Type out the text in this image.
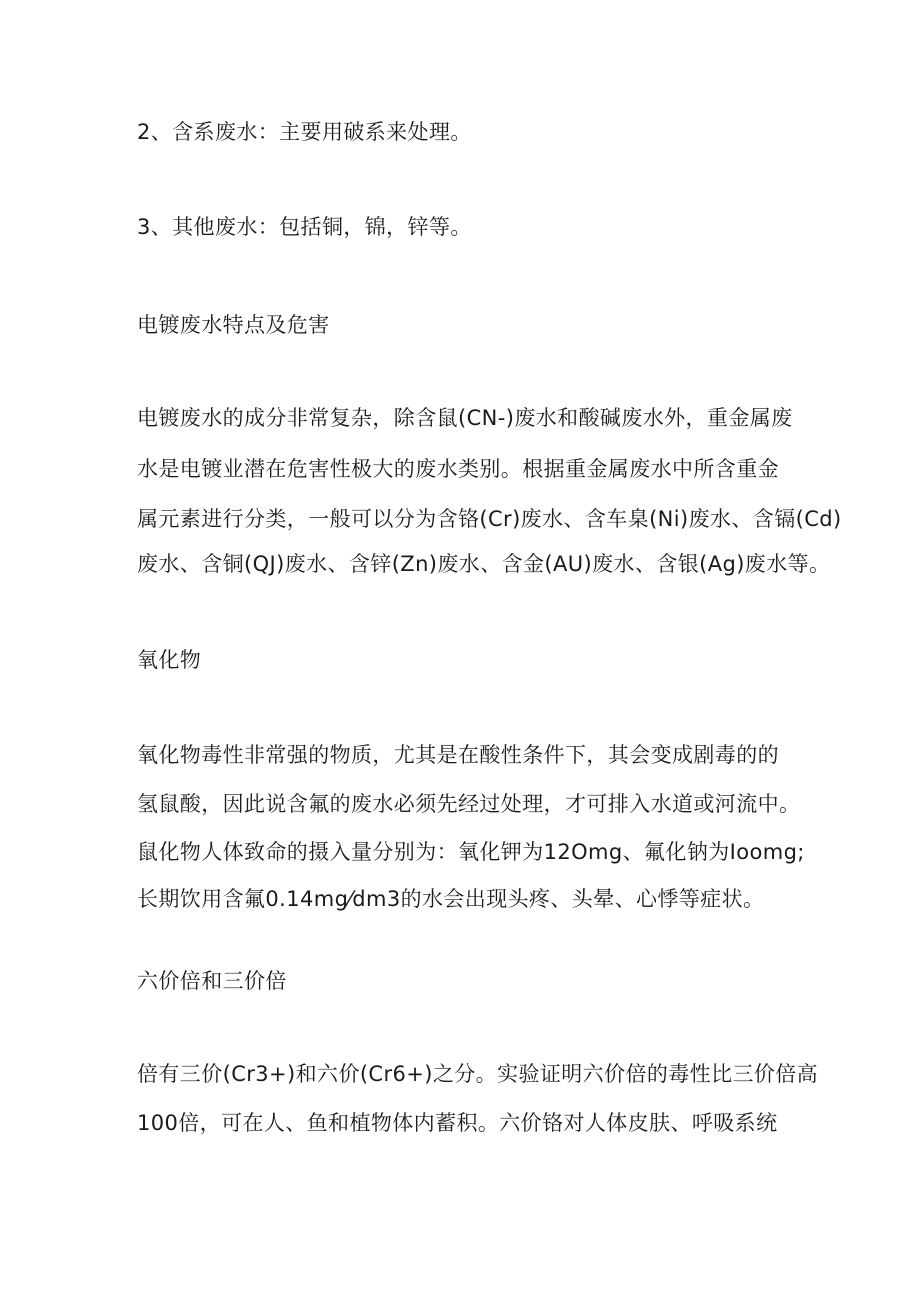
2、含系废水：主要用破系来处理。

3、其他废水：包括铜，锦，锌等。

电镀废水特点及危害

电镀废水的成分非常复杂，除含鼠(CN-)废水和酸碱废水外，重金属废

水是电镀业潜在危害性极大的废水类别。根据重金属废水中所含重金

属元素进行分类，一般可以分为含铬(Cr)废水、含车臬(Ni)废水、含镉(Cd)

废水、含铜(QJ)废水、含锌(Zn)废水、含金(AU)废水、含银(Ag)废水等。

氧化物

氧化物毒性非常强的物质，尤其是在酸性条件下，其会变成剧毒的的

氢鼠酸，因此说含氟的废水必须先经过处理，才可排入水道或河流中。

鼠化物人体致命的摄入量分别为：氧化钾为12Omg、氟化钠为Ioomg;

长期饮用含氟0.14mg⁄dm3的水会出现头疼、头晕、心悸等症状。

六价倍和三价倍

倍有三价(Cr3+)和六价(Cr6+)之分。实验证明六价倍的毒性比三价倍高

100倍，可在人、鱼和植物体内蓄积。六价铬对人体皮肤、呼吸系统
